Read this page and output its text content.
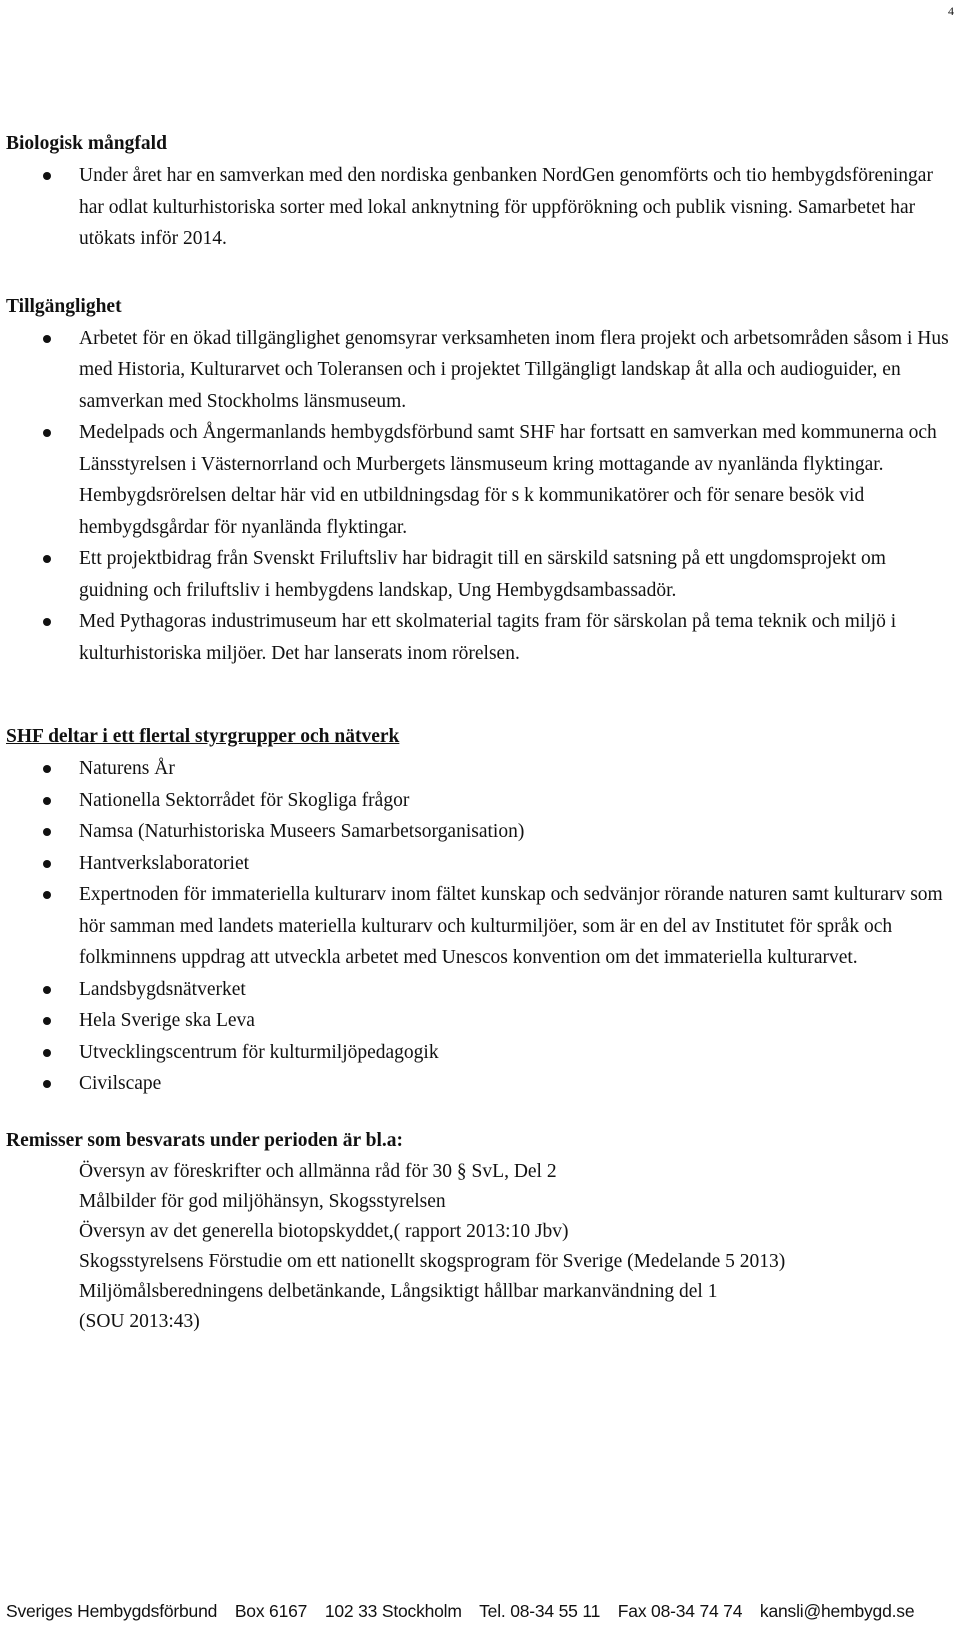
4
Biologisk mångfald
Under året har en samverkan med den nordiska genbanken NordGen genomförts och tio hembygdsföreningar har odlat kulturhistoriska sorter med lokal anknytning för uppförökning och publik visning. Samarbetet har utökats inför 2014.
Tillgänglighet
Arbetet för en ökad tillgänglighet genomsyrar verksamheten inom flera projekt och arbetsområden såsom i Hus med Historia, Kulturarvet och Toleransen och i projektet Tillgängligt landskap åt alla och audioguider, en samverkan med Stockholms länsmuseum.
Medelpads och Ångermanlands hembygdsförbund samt SHF har fortsatt en samverkan med kommunerna och Länsstyrelsen i Västernorrland och Murbergets länsmuseum kring mottagande av nyanlända flyktingar. Hembygdsrörelsen deltar här vid en utbildningsdag för s k kommunikatörer och för senare besök vid hembygdsgårdar för nyanlända flyktingar.
Ett projektbidrag från Svenskt Friluftsliv har bidragit till en särskild satsning på ett ungdomsprojekt om guidning och friluftsliv i hembygdens landskap, Ung Hembygdsambassadör.
Med Pythagoras industrimuseum har ett skolmaterial tagits fram för särskolan på tema teknik och miljö i kulturhistoriska miljöer. Det har lanserats inom rörelsen.
SHF deltar i ett flertal styrgrupper och nätverk
Naturens År
Nationella Sektorrådet för Skogliga frågor
Namsa (Naturhistoriska Museers Samarbetsorganisation)
Hantverkslaboratoriet
Expertnoden för immateriella kulturarv inom fältet kunskap och sedvänjor rörande naturen samt kulturarv som hör samman med landets materiella kulturarv och kulturmiljöer, som är en del av Institutet för språk och folkminnens uppdrag att utveckla arbetet med Unescos konvention om det immateriella kulturarvet.
Landsbygdsnätverket
Hela Sverige ska Leva
Utvecklingscentrum för kulturmiljöpedagogik
Civilscape
Remisser som besvarats under perioden är bl.a:
Översyn av föreskrifter och allmänna råd för 30 § SvL, Del 2
Målbilder för god miljöhänsyn, Skogsstyrelsen
Översyn av det generella biotopskyddet,( rapport 2013:10 Jbv)
Skogsstyrelsens Förstudie om ett nationellt skogsprogram för Sverige (Medelande 5 2013)
Miljömålsberedningens delbetänkande, Långsiktigt hållbar markanvändning del 1
(SOU 2013:43)
Sveriges Hembygdsförbund Box 6167 102 33 Stockholm Tel. 08-34 55 11 Fax 08-34 74 74 kansli@hembygd.se
